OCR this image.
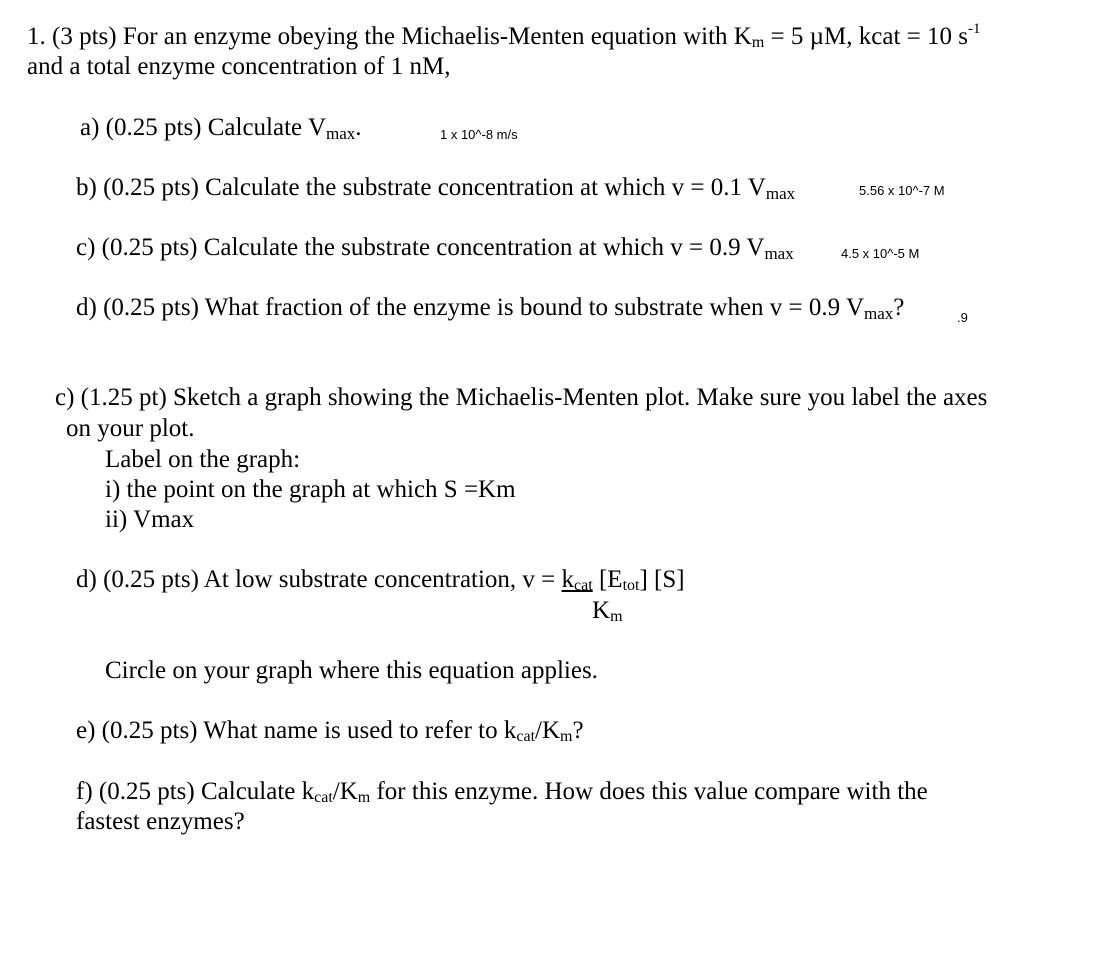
1. (3 pts) For an enzyme obeying the Michaelis-Menten equation with Km = 5 µM, kcat = 10 $s^{-1}$
and a total enzyme concentration of 1 nM,
a) (0.25 pts) Calculate Vmax.	1 x 10^-8 m/s
b) (0.25 pts) Calculate the substrate concentration at which v = 0.1 Vmax	5.56 x 10^-7 M
c) (0.25 pts) Calculate the substrate concentration at which v = 0.9 Vmax	4.5 x 10^-5 M
d) (0.25 pts) What fraction of the enzyme is bound to substrate when v = 0.9 Vmax?	.9
c) (1.25 pt) Sketch a graph showing the Michaelis-Menten plot. Make sure you label the axes
on your plot.
Label on the graph:
i) the point on the graph at which S =Km
ii) Vmax
d) (0.25 pts) At low substrate concentration, v = kcat [Etot] [S]
Km
Circle on your graph where this equation applies.
e) (0.25 pts) What name is used to refer to kcat/Km?
f) (0.25 pts) Calculate kcat/Km for this enzyme. How does this value compare with the
fastest enzymes?
